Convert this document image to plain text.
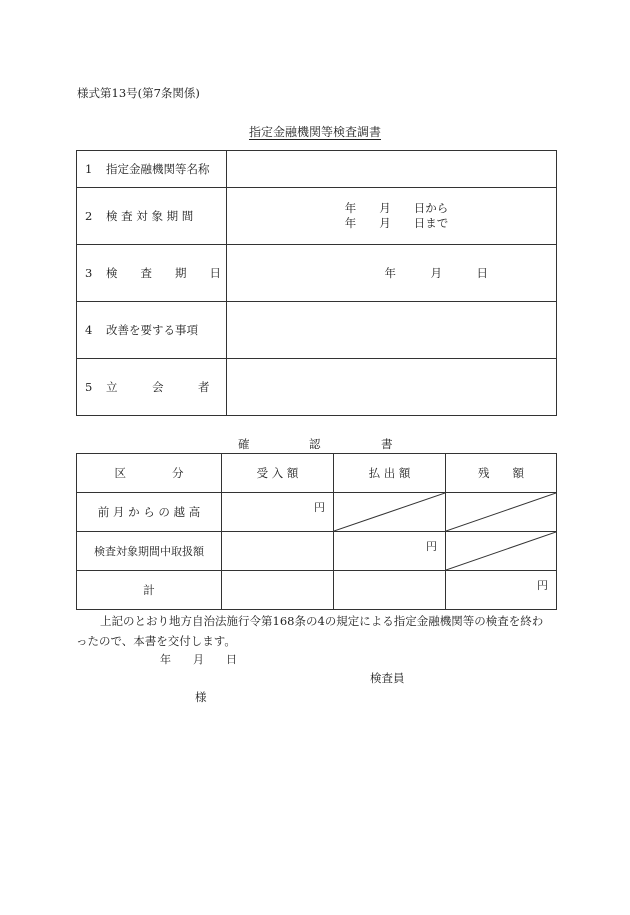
様式第13号(第7条関係)
指定金融機関等検査調書
1 指定金融機関等名称	
2 検 査 対 象 期 間	年　　月　　日から
年　　月　　日まで

3 検　　査　　期　　日	年　　　月　　　日
4 改善を要する事項	
5 立　　　会　　　者	
確	認	書
区　　　　分	受 入 額	払 出 額	残　　額
前 月 か ら の 越 高	円

検査対象期間中取扱額		円

計			円
上記のとおり地方自治法施行令第168条の4の規定による指定金融機関等の検査を終わ
ったので、本書を交付します。
年　　月　　日
検査員
様
